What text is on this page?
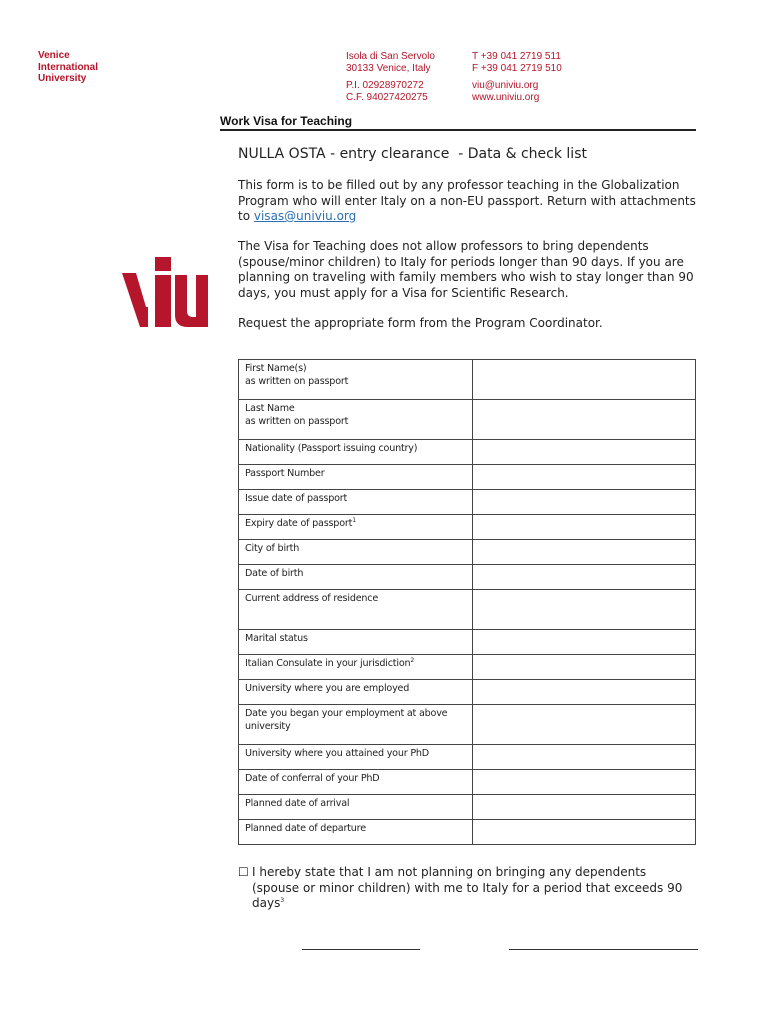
Venice
International
University
Isola di San Servolo
30133 Venice, Italy
P.I. 02928970272
C.F. 94027420275
T +39 041 2719 511
F +39 041 2719 510
viu@univiu.org
www.univiu.org
Work Visa for Teaching
NULLA OSTA - entry clearance  - Data & check list
This form is to be filled out by any professor teaching in the Globalization Program who will enter Italy on a non-EU passport. Return with attachments to visas@univiu.org
The Visa for Teaching does not allow professors to bring dependents (spouse/minor children) to Italy for periods longer than 90 days. If you are planning on traveling with family members who wish to stay longer than 90 days, you must apply for a Visa for Scientific Research.
Request the appropriate form from the Program Coordinator.
First Name(s)
as written on passport	
Last Name
as written on passport	
Nationality (Passport issuing country)	
Passport Number	
Issue date of passport	
Expiry date of passport$^1$	
City of birth	
Date of birth	
Current address of residence	
Marital status	
Italian Consulate in your jurisdiction$^2$	
University where you are employed	
Date you began your employment at above university	
University where you attained your PhD	
Date of conferral of your PhD	
Planned date of arrival	
Planned date of departure	
☐ I hereby state that I am not planning on bringing any dependents (spouse or minor children) with me to Italy for a period that exceeds 90 days$^3$
